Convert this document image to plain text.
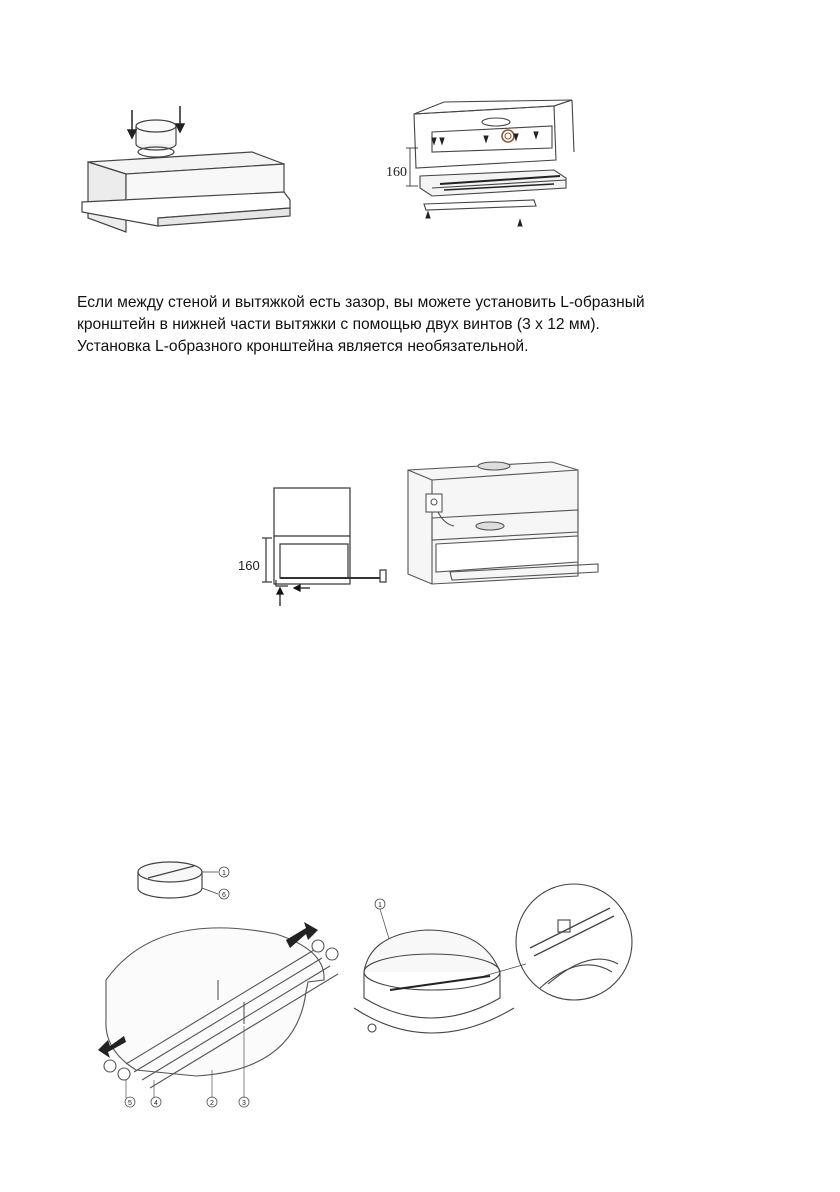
160

Если между стеной и вытяжкой есть зазор, вы можете установить L-образный

кронштейн в нижней части вытяжки с помощью двух винтов (3 x 12 мм).

Установка L-образного кронштейна является необязательной.

160
1
6
5	4	2	3
1
